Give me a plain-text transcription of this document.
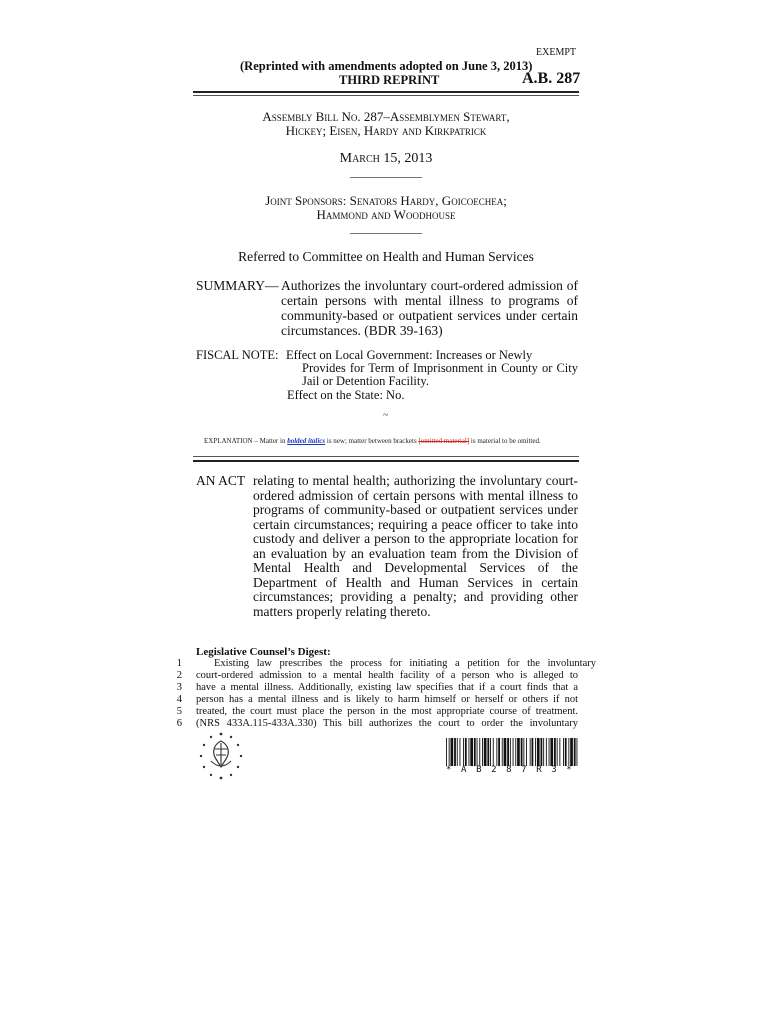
EXEMPT
(Reprinted with amendments adopted on June 3, 2013)
THIRD REPRINT	A.B. 287
Assembly Bill No. 287–Assemblymen Stewart,
Hickey; Eisen, Hardy and Kirkpatrick
March 15, 2013
____________
Joint Sponsors: Senators Hardy, Goicoechea;
Hammond and Woodhouse
____________
Referred to Committee on Health and Human Services
SUMMARY— Authorizes the involuntary court-ordered admission of certain persons with mental illness to programs of community-based or outpatient services under certain circumstances. (BDR 39-163)
FISCAL NOTE: Effect on Local Government: Increases or Newly
Provides for Term of Imprisonment in County or City Jail or Detention Facility.
Effect on the State: No.
~
EXPLANATION – Matter in bolded italics is new; matter between brackets [omitted material] is material to be omitted.
AN ACT relating to mental health; authorizing the involuntary court-ordered admission of certain persons with mental illness to programs of community-based or outpatient services under certain circumstances; requiring a peace officer to take into custody and deliver a person to the appropriate location for an evaluation by an evaluation team from the Division of Mental Health and Developmental Services of the Department of Health and Human Services in certain circumstances; providing a penalty; and providing other matters properly relating thereto.
Legislative Counsel’s Digest:
1	Existing law prescribes the process for initiating a petition for the involuntary
2 court-ordered admission to a mental health facility of a person who is alleged to
3 have a mental illness. Additionally, existing law specifies that if a court finds that a
4 person has a mental illness and is likely to harm himself or herself or others if not
5 treated, the court must place the person in the most appropriate course of treatment.
6 (NRS 433A.115-433A.330) This bill authorizes the court to order the involuntary
* A B 2 8 7 R 3 *
